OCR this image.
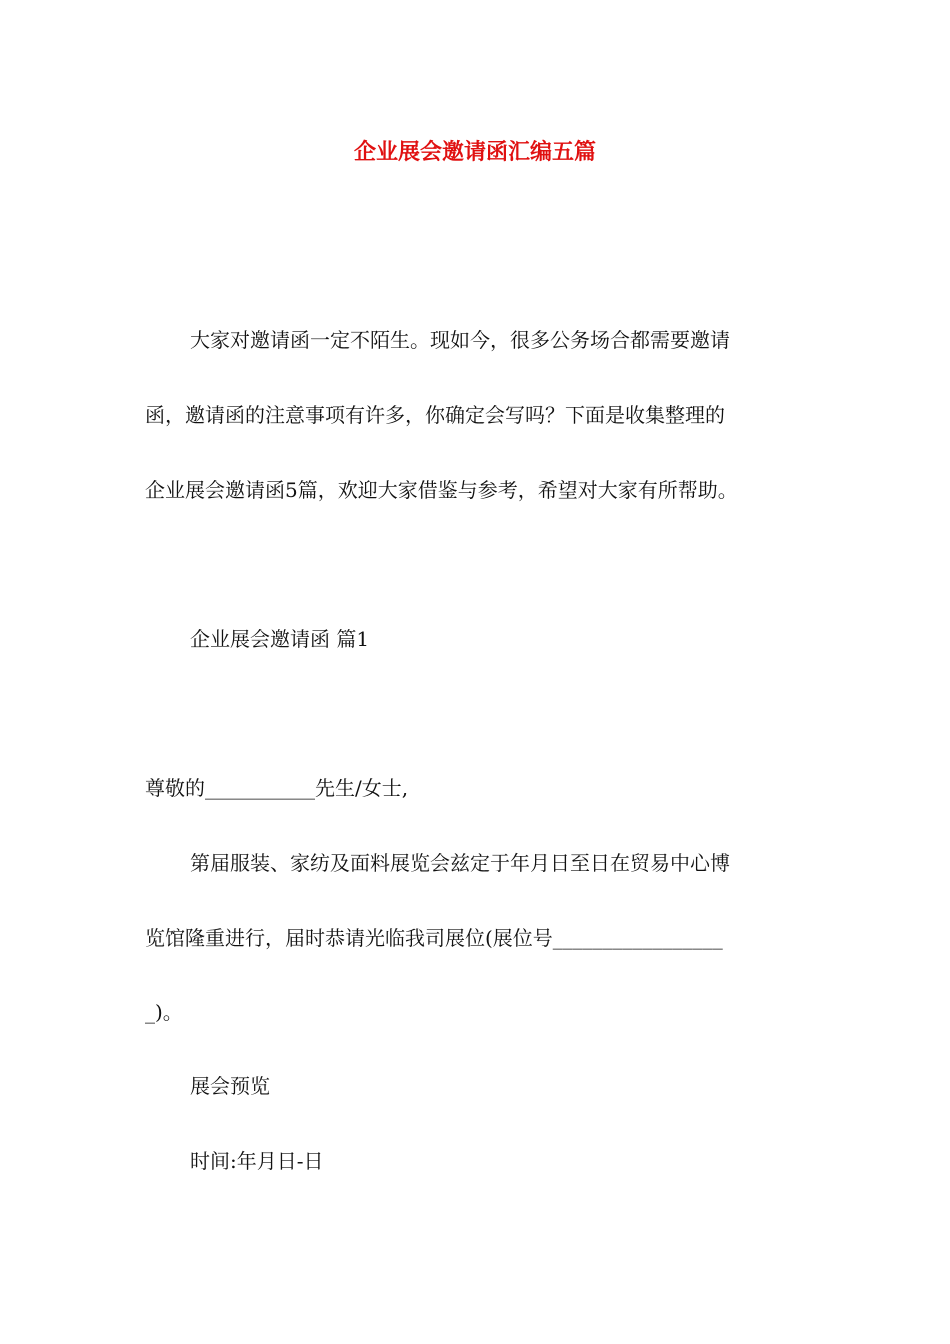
企业展会邀请函汇编五篇
大家对邀请函一定不陌生。现如今，很多公务场合都需要邀请
函，邀请函的注意事项有许多，你确定会写吗？下面是收集整理的
企业展会邀请函5篇，欢迎大家借鉴与参考，希望对大家有所帮助。
企业展会邀请函 篇1
尊敬的___________先生/女士,
第届服装、家纺及面料展览会兹定于年月日至日在贸易中心博
览馆隆重进行，届时恭请光临我司展位(展位号_________________
_)。
展会预览
时间:年月日-日
